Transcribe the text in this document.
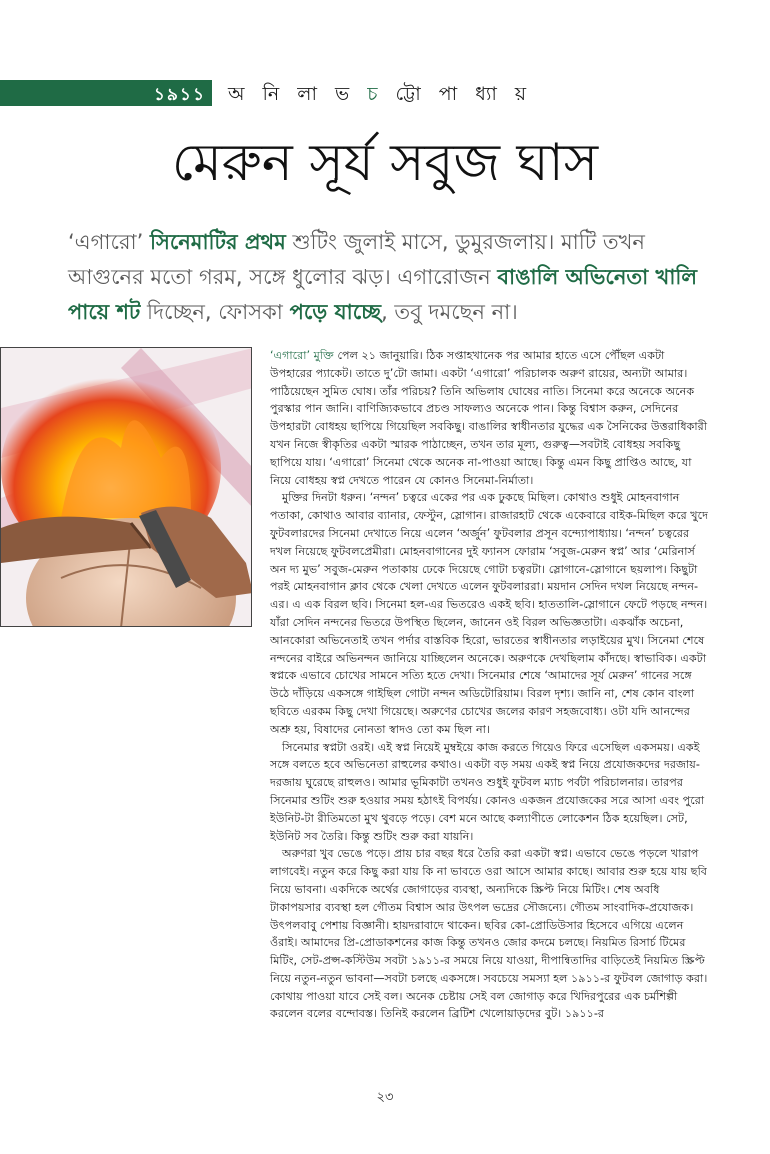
১৯১১ অ নি লা ভ চ ট্টো পা ধ্যা য়
মেরুন সূর্য সবুজ ঘাস
‘এগারো’ সিনেমাটির প্রথম শুটিং জুলাই মাসে, ডুমুরজলায়। মাটি তখন আগুনের মতো গরম, সঙ্গে ধুলোর ঝড়। এগারোজন বাঙালি অভিনেতা খালি পায়ে শট দিচ্ছেন, ফোসকা পড়ে যাচ্ছে, তবু দমছেন না।

‘এগারো’ মুক্তি পেল ২১ জানুয়ারি। ঠিক সপ্তাহখানেক পর আমার হাতে এসে পৌঁছল একটা উপহারের প্যাকেট। তাতে দু’টো জামা। একটা ‘এগারো’ পরিচালক অরুণ রায়ের, অন্যটা আমার। পাঠিয়েছেন সুমিত ঘোষ। তাঁর পরিচয়? তিনি অভিলাষ ঘোষের নাতি। সিনেমা করে অনেকে অনেক পুরস্কার পান জানি। বাণিজ্যিকভাবে প্রচণ্ড সাফল্যও অনেকে পান। কিন্তু বিশ্বাস করুন, সেদিনের উপহারটা বোধহয় ছাপিয়ে গিয়েছিল সবকিছু। বাঙালির স্বাধীনতার যুদ্ধের এক সৈনিকের উত্তরাধিকারী যখন নিজে স্বীকৃতির একটা স্মারক পাঠাচ্ছেন, তখন তার মূল্য, গুরুত্ব—সবটাই বোধহয় সবকিছু ছাপিয়ে যায়। ‘এগারো’ সিনেমা থেকে অনেক না-পাওয়া আছে। কিন্তু এমন কিছু প্রাপ্তিও আছে, যা নিয়ে বোধহয় স্বপ্ন দেখতে পারেন যে কোনও সিনেমা-নির্মাতা।

মুক্তির দিনটা ধরুন। ‘নন্দন’ চত্বরে একের পর এক ঢুকছে মিছিল। কোথাও শুধুই মোহনবাগান পতাকা, কোথাও আবার ব্যানার, ফেস্টুন, স্লোগান। রাজারহাট থেকে একেবারে বাইক-মিছিল করে খুদে ফুটবলারদের সিনেমা দেখাতে নিয়ে এলেন ‘অর্জুন’ ফুটবলার প্রসূন বন্দ্যোপাধ্যায়। ‘নন্দন’ চত্বরের দখল নিয়েছে ফুটবলপ্রেমীরা। মোহনবাগানের দুই ফ্যানস ফোরাম ‘সবুজ-মেরুন স্বপ্ন’ আর ‘মেরিনার্স অন দ্য মুভ’ সবুজ-মেরুন পতাকায় ঢেকে দিয়েছে গোটা চত্বরটা। স্লোগানে-স্লোগানে ছয়লাপ। কিছুটা পরই মোহনবাগান ক্লাব থেকে খেলা দেখতে এলেন ফুটবলাররা। ময়দান সেদিন দখল নিয়েছে নন্দন-এর। এ এক বিরল ছবি। সিনেমা হল-এর ভিতরেও একই ছবি। হাততালি-স্লোগানে ফেটে পড়ছে নন্দন। যাঁরা সেদিন নন্দনের ভিতরে উপস্থিত ছিলেন, জানেন ওই বিরল অভিজ্ঞতাটা। একঝাঁক অচেনা, আনকোরা অভিনেতাই তখন পর্দার বাস্তবিক হিরো, ভারতের স্বাধীনতার লড়াইয়ের মুখ। সিনেমা শেষে নন্দনের বাইরে অভিনন্দন জানিয়ে যাচ্ছিলেন অনেকে। অরুণকে দেখছিলাম কাঁদছে। স্বাভাবিক। একটা স্বপ্নকে এভাবে চোখের সামনে সত্যি হতে দেখা। সিনেমার শেষে ‘আমাদের সূর্য মেরুন’ গানের সঙ্গে উঠে দাঁড়িয়ে একসঙ্গে গাইছিল গোটা নন্দন অডিটোরিয়াম। বিরল দৃশ্য। জানি না, শেষ কোন বাংলা ছবিতে এরকম কিছু দেখা গিয়েছে। অরুণের চোখের জলের কারণ সহজবোধ্য। ওটা যদি আনন্দের অশ্রু হয়, বিষাদের নোনতা স্বাদও তো কম ছিল না।

সিনেমার স্বপ্নটা ওরই। এই স্বপ্ন নিয়েই মুম্বইয়ে কাজ করতে গিয়েও ফিরে এসেছিল একসময়। একই সঙ্গে বলতে হবে অভিনেতা রাহুলের কথাও। একটা বড় সময় একই স্বপ্ন নিয়ে প্রযোজকদের দরজায়-দরজায় ঘুরেছে রাহুলও। আমার ভূমিকাটা তখনও শুধুই ফুটবল ম্যাচ পর্বটা পরিচালনার। তারপর সিনেমার শুটিং শুরু হওয়ার সময় হঠাৎই বিপর্যয়। কোনও একজন প্রযোজকের সরে আসা এবং পুরো ইউনিট-টা রীতিমতো মুখ থুবড়ে পড়ে। বেশ মনে আছে কল্যাণীতে লোকেশন ঠিক হয়েছিল। সেট, ইউনিট সব তৈরি। কিন্তু শুটিং শুরু করা যায়নি।

অরুণরা খুব ভেঙে পড়ে। প্রায় চার বছর ধরে তৈরি করা একটা স্বপ্ন। এভাবে ভেঙে পড়লে খারাপ লাগবেই। নতুন করে কিছু করা যায় কি না ভাবতে ওরা আসে আমার কাছে। আবার শুরু হয়ে যায় ছবি নিয়ে ভাবনা। একদিকে অর্থের জোগাড়ের ব্যবস্থা, অন্যদিকে স্ক্রিপ্ট নিয়ে মিটিং। শেষ অবধি টাকাপয়সার ব্যবস্থা হল গৌতম বিশ্বাস আর উৎপল ভদ্রের সৌজন্যে। গৌতম সাংবাদিক-প্রযোজক। উৎপলবাবু পেশায় বিজ্ঞানী। হায়দরাবাদে থাকেন। ছবির কো-প্রোডিউসার হিসেবে এগিয়ে এলেন ওঁরাই। আমাদের প্রি-প্রোডাকশনের কাজ কিন্তু তখনও জোর কদমে চলছে। নিয়মিত রিসার্চ টিমের মিটিং, সেট-প্রপ্স-কস্টিউম সবটা ১৯১১-র সময়ে নিয়ে যাওয়া, দীপান্বিতাদির বাড়িতেই নিয়মিত স্ক্রিপ্ট নিয়ে নতুন-নতুন ভাবনা—সবটা চলছে একসঙ্গে। সবচেয়ে সমস্যা হল ১৯১১-র ফুটবল জোগাড় করা। কোথায় পাওয়া যাবে সেই বল। অনেক চেষ্টায় সেই বল জোগাড় করে খিদিরপুরের এক চর্মশিল্পী করলেন বলের বন্দোবস্ত। তিনিই করলেন ব্রিটিশ খেলোয়াড়দের বুট। ১৯১১-র

২৩
